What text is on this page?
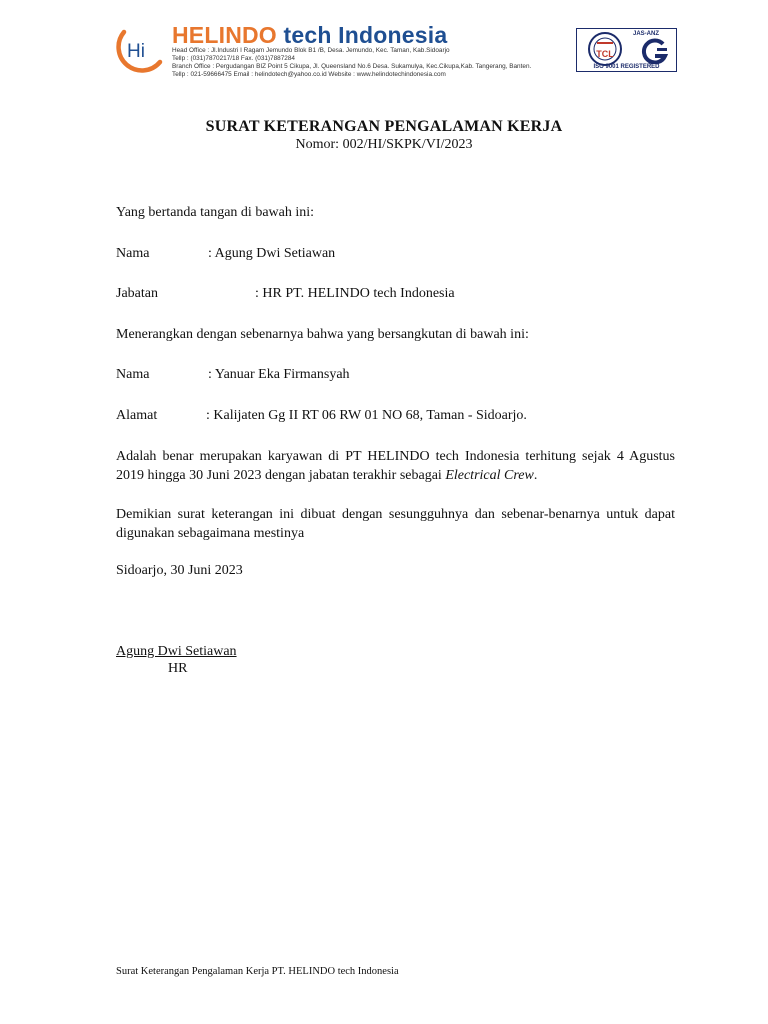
Hi
HELINDO tech Indonesia
Head Office : Jl.Industri I Ragam Jemundo Blok B1 /B, Desa. Jemundo, Kec. Taman, Kab.Sidoarjo
Tellp : (031)7870217/18 Fax. (031)7887284
Branch Office : Pergudangan BIZ Point 5 Cikupa, Jl. Queensland No.6 Desa. Sukamulya, Kec.Cikupa,Kab. Tangerang, Banten.
Tellp : 021-59666475 Email : helindotech@yahoo.co.id Website : www.helindotechindonesia.com
TCL
JAS-ANZ
ISO 9001 REGISTERED
SURAT KETERANGAN PENGALAMAN KERJA
Nomor: 002/HI/SKPK/VI/2023
Yang bertanda tangan di bawah ini:
Nama	: Agung Dwi Setiawan
Jabatan	: HR PT. HELINDO tech Indonesia
Menerangkan dengan sebenarnya bahwa yang bersangkutan di bawah ini:
Nama	: Yanuar Eka Firmansyah
Alamat	: Kalijaten Gg II RT 06 RW 01 NO 68, Taman - Sidoarjo.
Adalah benar merupakan karyawan di PT HELINDO tech Indonesia terhitung sejak 4 Agustus 2019 hingga 30 Juni 2023 dengan jabatan terakhir sebagai Electrical Crew.
Demikian surat keterangan ini dibuat dengan sesungguhnya dan sebenar-benarnya untuk dapat digunakan sebagaimana mestinya
Sidoarjo, 30 Juni 2023
Agung Dwi Setiawan
HR
Surat Keterangan Pengalaman Kerja PT. HELINDO tech Indonesia
